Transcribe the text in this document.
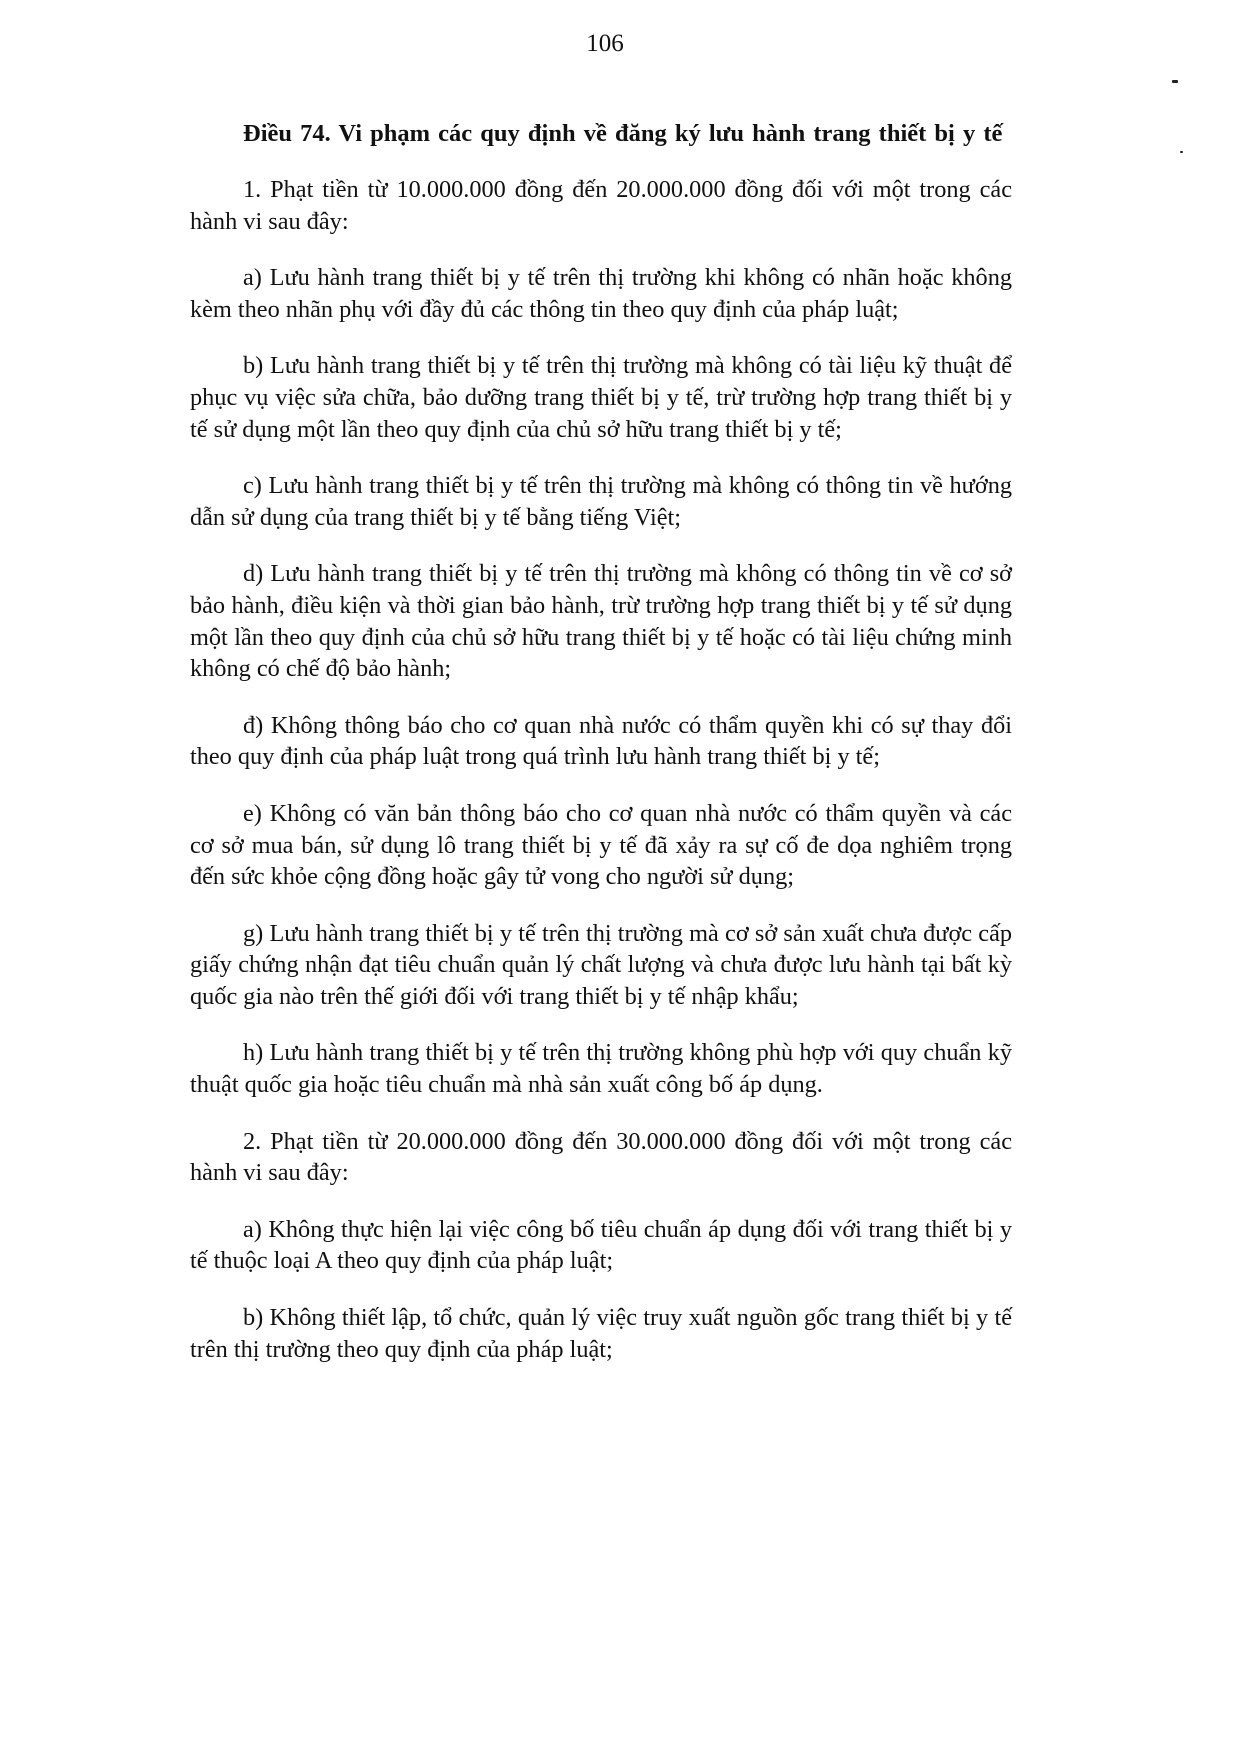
106
Điều 74. Vi phạm các quy định về đăng ký lưu hành trang thiết bị y tế
1. Phạt tiền từ 10.000.000 đồng đến 20.000.000 đồng đối với một trong các hành vi sau đây:
a) Lưu hành trang thiết bị y tế trên thị trường khi không có nhãn hoặc không kèm theo nhãn phụ với đầy đủ các thông tin theo quy định của pháp luật;
b) Lưu hành trang thiết bị y tế trên thị trường mà không có tài liệu kỹ thuật để phục vụ việc sửa chữa, bảo dưỡng trang thiết bị y tế, trừ trường hợp trang thiết bị y tế sử dụng một lần theo quy định của chủ sở hữu trang thiết bị y tế;
c) Lưu hành trang thiết bị y tế trên thị trường mà không có thông tin về hướng dẫn sử dụng của trang thiết bị y tế bằng tiếng Việt;
d) Lưu hành trang thiết bị y tế trên thị trường mà không có thông tin về cơ sở bảo hành, điều kiện và thời gian bảo hành, trừ trường hợp trang thiết bị y tế sử dụng một lần theo quy định của chủ sở hữu trang thiết bị y tế hoặc có tài liệu chứng minh không có chế độ bảo hành;
đ) Không thông báo cho cơ quan nhà nước có thẩm quyền khi có sự thay đổi theo quy định của pháp luật trong quá trình lưu hành trang thiết bị y tế;
e) Không có văn bản thông báo cho cơ quan nhà nước có thẩm quyền và các cơ sở mua bán, sử dụng lô trang thiết bị y tế đã xảy ra sự cố đe dọa nghiêm trọng đến sức khỏe cộng đồng hoặc gây tử vong cho người sử dụng;
g) Lưu hành trang thiết bị y tế trên thị trường mà cơ sở sản xuất chưa được cấp giấy chứng nhận đạt tiêu chuẩn quản lý chất lượng và chưa được lưu hành tại bất kỳ quốc gia nào trên thế giới đối với trang thiết bị y tế nhập khẩu;
h) Lưu hành trang thiết bị y tế trên thị trường không phù hợp với quy chuẩn kỹ thuật quốc gia hoặc tiêu chuẩn mà nhà sản xuất công bố áp dụng.
2. Phạt tiền từ 20.000.000 đồng đến 30.000.000 đồng đối với một trong các hành vi sau đây:
a) Không thực hiện lại việc công bố tiêu chuẩn áp dụng đối với trang thiết bị y tế thuộc loại A theo quy định của pháp luật;
b) Không thiết lập, tổ chức, quản lý việc truy xuất nguồn gốc trang thiết bị y tế trên thị trường theo quy định của pháp luật;
